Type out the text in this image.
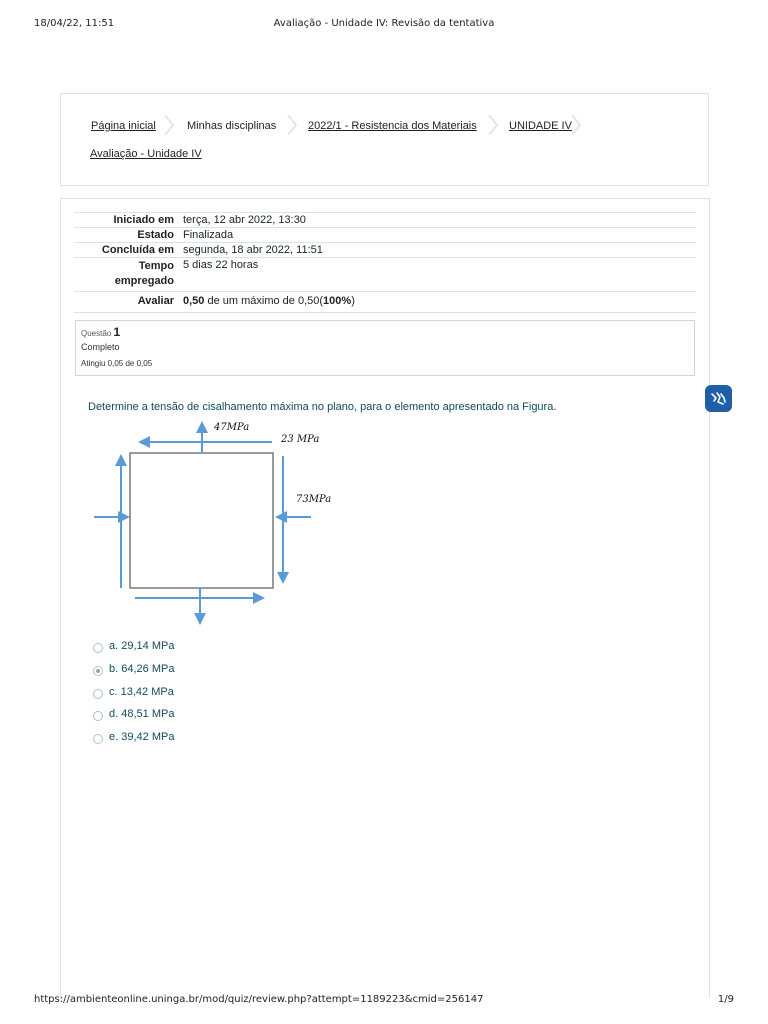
18/04/22, 11:51	Avaliação - Unidade IV: Revisão da tentativa
Página inicial	Minhas disciplinas	2022/1 - Resistencia dos Materiais	UNIDADE IV
Avaliação - Unidade IV
Iniciado em	terça, 12 abr 2022, 13:30
Estado	Finalizada
Concluída em	segunda, 18 abr 2022, 11:51
Tempo empregado	5 dias 22 horas
Avaliar	0,50 de um máximo de 0,50(100%)
Questão 1
Completo
Atingiu 0,05 de 0,05
Determine a tensão de cisalhamento máxima no plano, para o elemento apresentado na Figura.
47MPa
23 MPa
73MPa
a. 29,14 MPa
b. 64,26 MPa
c. 13,42 MPa
d. 48,51 MPa
e. 39,42 MPa
https://ambienteonline.uninga.br/mod/quiz/review.php?attempt=1189223&cmid=256147	1/9
